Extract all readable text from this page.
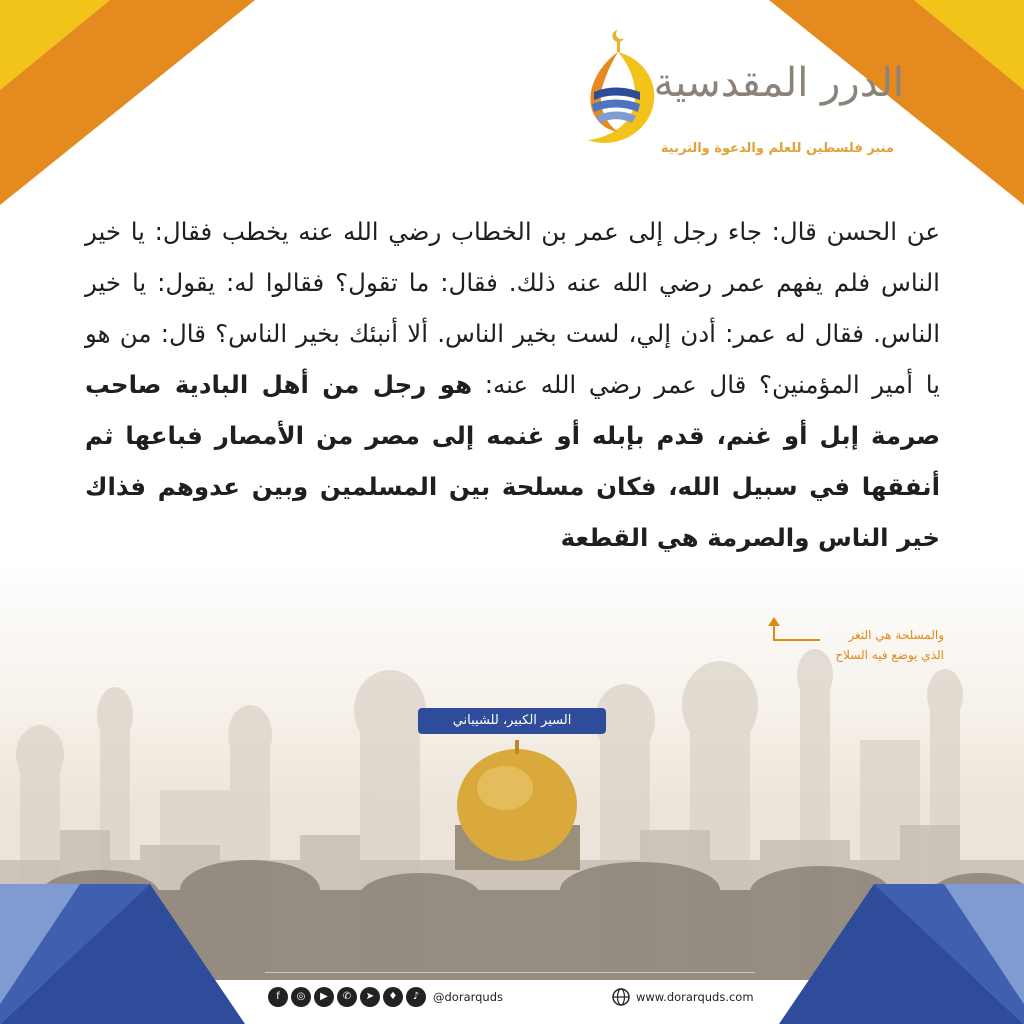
الدرر المقدسية
منبر فلسطين للعلم والدعوة والتربية
عن الحسن قال: جاء رجل إلى عمر بن الخطاب رضي الله عنه يخطب فقال: يا خير الناس فلم يفهم عمر رضي الله عنه ذلك. فقال: ما تقول؟ فقالوا له: يقول: يا خير الناس. فقال له عمر: أدن إلي، لست بخير الناس. ألا أنبئك بخير الناس؟ قال: من هو يا أمير المؤمنين؟ قال عمر رضي الله عنه: هو رجل من أهل البادية صاحب صرمة إبل أو غنم، قدم بإبله أو غنمه إلى مصر من الأمصار فباعها ثم أنفقها في سبيل الله، فكان مسلحة بين المسلمين وبين عدوهم فذاك خير الناس والصرمة هي القطعة
والمسلحة هي الثغر
الذي يوضع فيه السلاح
السير الكبير، للشيباني
f	◎	▶	✆	➤	♦	♪	@dorarquds	www.dorarquds.com
